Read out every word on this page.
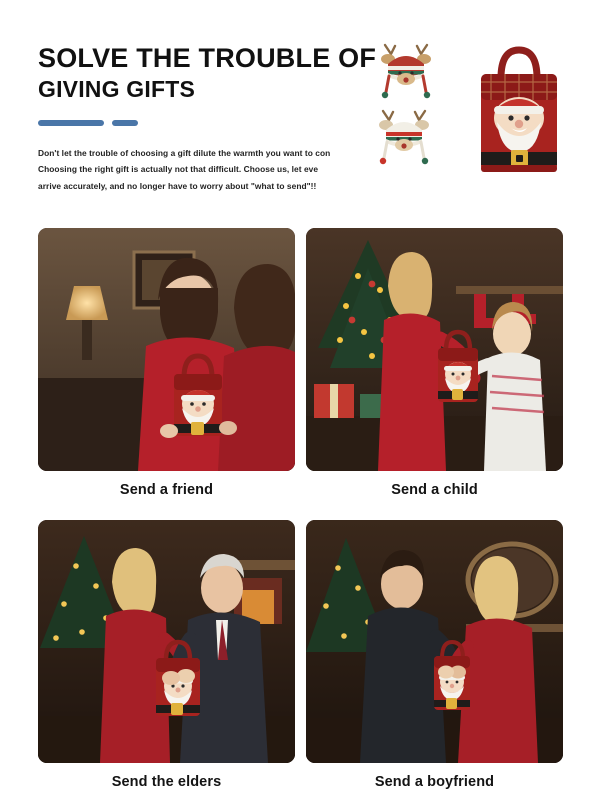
SOLVE THE TROUBLE OF
GIVING GIFTS

Don't let the trouble of choosing a gift dilute the warmth you want to con

Choosing the right gift is actually not that difficult. Choose us, let eve

arrive accurately, and no longer have to worry about "what to send"!!

Send a friend	Send a child
Send the elders	Send a boyfriend
